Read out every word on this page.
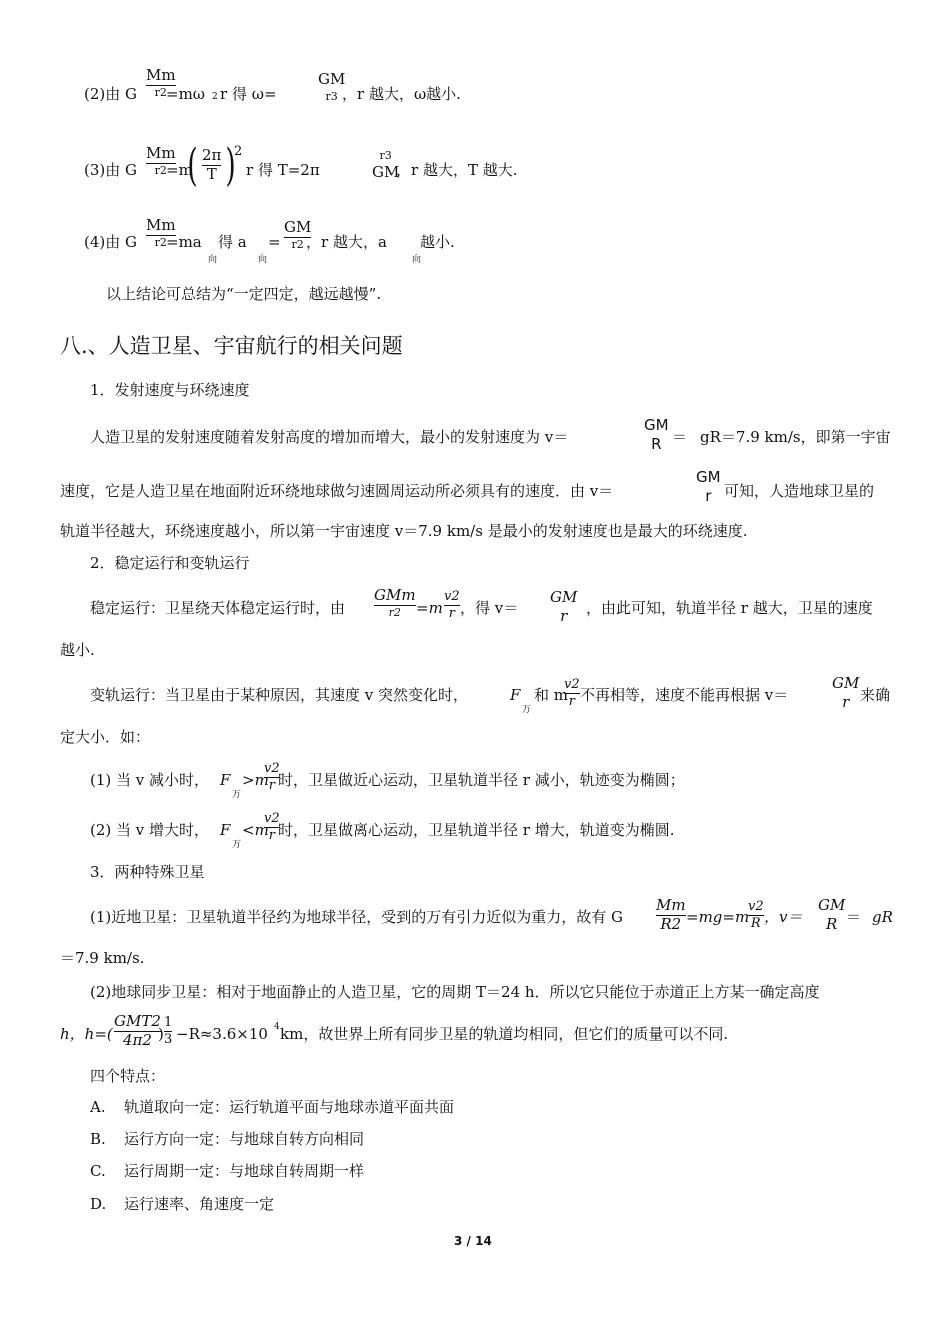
(2)由 G
Mm
r2 =mω 2 r 得 ω=
GM
r3 ，r 越大，ω越小.
(3)由 G
Mm
r2 =m
( 2π
T )
2
r 得 T=2π
r3
GM
，r 越大，T 越大.
(4)由 G
Mm
r2 =ma
向
得 a
向
=
GM
r2 ，r 越大，a
向
越小.
以上结论可总结为“一定四定，越远越慢”.
八.、人造卫星、宇宙航行的相关问题
1．发射速度与环绕速度
人造卫星的发射速度随着发射高度的增加而增大，最小的发射速度为 v＝
GM
R ＝ gR＝7.9 km/s，即第一宇宙
速度，它是人造卫星在地面附近环绕地球做匀速圆周运动所必须具有的速度．由 v＝
GM
r 可知，人造地球卫星的
轨道半径越大，环绕速度越小，所以第一宇宙速度 v＝7.9 km/s 是最小的发射速度也是最大的环绕速度.
2．稳定运行和变轨运行
稳定运行：卫星绕天体稳定运行时，由
GMm
r2	=m
v2
r ，得 v＝
GM
r	，由此可知，轨道半径 r 越大，卫星的速度
越小.
变轨运行：当卫星由于某种原因，其速度 v 突然变化时，	F
万
和 m
v2
r 不再相等，速度不能再根据 v＝
GM
r 来确
定大小．如：
(1) 当 v 减小时， F
万
>m
v2
r 时，卫星做近心运动，卫星轨道半径 r 减小，轨迹变为椭圆；
(2) 当 v 增大时， F
万
<m
v2
r 时，卫星做离心运动，卫星轨道半径 r 增大，轨道变为椭圆.
3．两种特殊卫星
(1)近地卫星：卫星轨道半径约为地球半径，受到的万有引力近似为重力，故有 G
Mm
R2 =mg=m
v2
R ，v＝
GM
R ＝ gR
＝7.9 km/s.
(2)地球同步卫星：相对于地面静止的人造卫星，它的周期 T＝24 h．所以它只能位于赤道正上方某一确定高度
h，h=(
GMT2
4π2 )
1
3 −R≈3.6×10 4 km，故世界上所有同步卫星的轨道均相同，但它们的质量可以不同.
四个特点：
A. 轨道取向一定：运行轨道平面与地球赤道平面共面
B. 运行方向一定：与地球自转方向相同
C. 运行周期一定：与地球自转周期一样
D. 运行速率、角速度一定
3 / 14
